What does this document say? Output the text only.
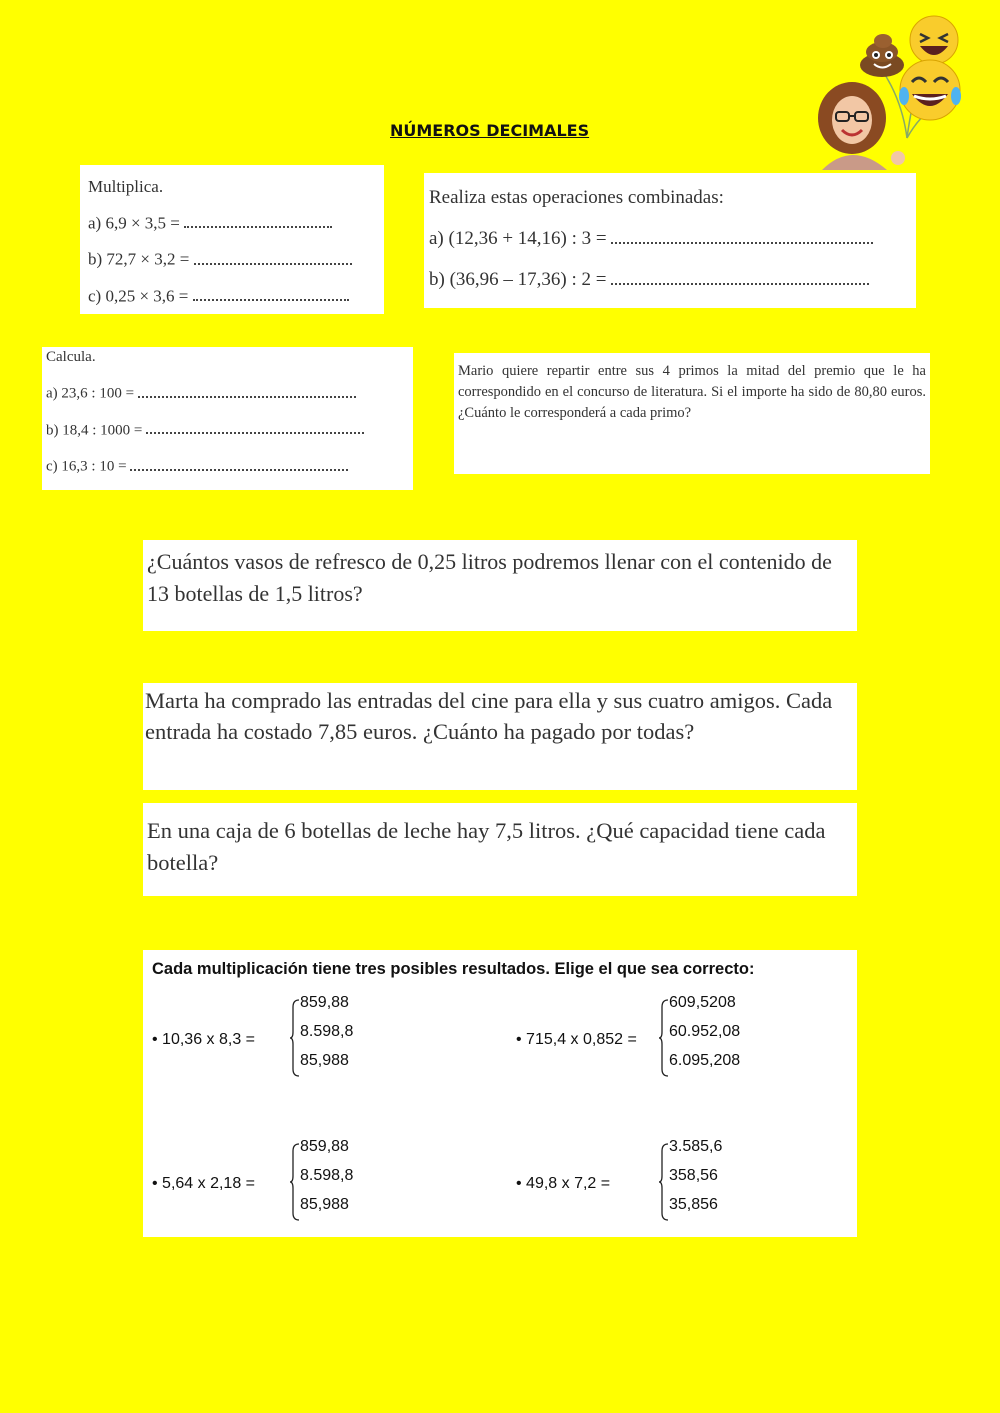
NÚMEROS DECIMALES
Multiplica.
a) 6,9 × 3,5 =
b) 72,7 × 3,2 =
c) 0,25 × 3,6 =
Realiza estas operaciones combinadas:
a) (12,36 + 14,16) : 3 =
b) (36,96 – 17,36) : 2 =
Calcula.
a) 23,6 : 100 =
b) 18,4 : 1000 =
c) 16,3 : 10 =
Mario quiere repartir entre sus 4 primos la mitad del premio que le ha correspondido en el concurso de literatura. Si el importe ha sido de 80,80 euros. ¿Cuánto le corresponderá a cada primo?
¿Cuántos vasos de refresco de 0,25 litros podremos llenar con el contenido de 13 botellas de 1,5 litros?
Marta ha comprado las entradas del cine para ella y sus cuatro amigos. Cada entrada ha costado 7,85 euros. ¿Cuánto ha pagado por todas?
En una caja de 6 botellas de leche hay 7,5 litros. ¿Qué capacidad tiene cada botella?
Cada multiplicación tiene tres posibles resultados. Elige el que sea correcto:
• 10,36 x 8,3 =
859,88
8.598,8
85,988
• 715,4 x 0,852 =
609,5208
60.952,08
6.095,208
• 5,64 x 2,18 =
859,88
8.598,8
85,988
• 49,8 x 7,2 =
3.585,6
358,56
35,856
